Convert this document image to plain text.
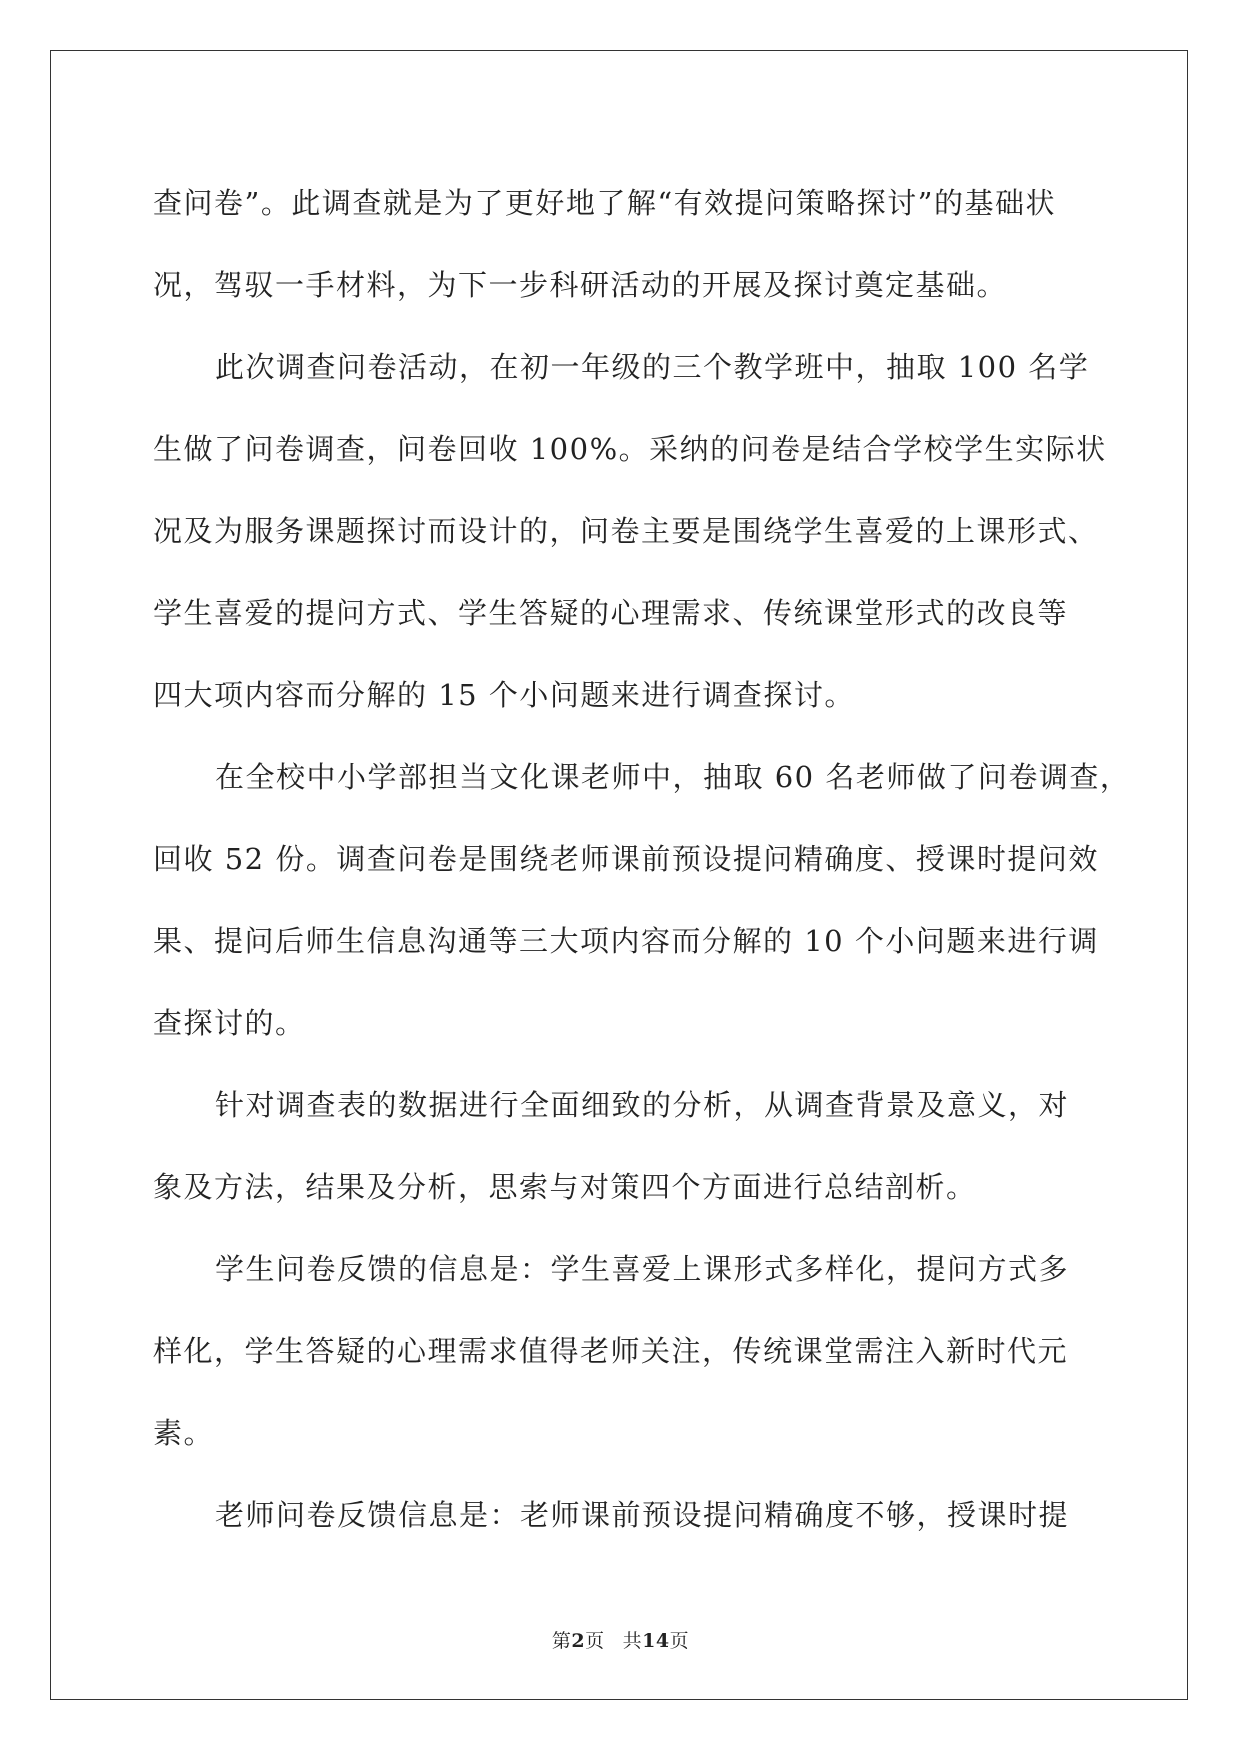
查问卷”。此调查就是为了更好地了解“有效提问策略探讨”的基础状
况，驾驭一手材料，为下一步科研活动的开展及探讨奠定基础。
此次调查问卷活动，在初一年级的三个教学班中，抽取 100 名学
生做了问卷调查，问卷回收 100%。采纳的问卷是结合学校学生实际状
况及为服务课题探讨而设计的，问卷主要是围绕学生喜爱的上课形式、
学生喜爱的提问方式、学生答疑的心理需求、传统课堂形式的改良等
四大项内容而分解的 15 个小问题来进行调查探讨。
在全校中小学部担当文化课老师中，抽取 60 名老师做了问卷调查，
回收 52 份。调查问卷是围绕老师课前预设提问精确度、授课时提问效
果、提问后师生信息沟通等三大项内容而分解的 10 个小问题来进行调
查探讨的。
针对调查表的数据进行全面细致的分析，从调查背景及意义，对
象及方法，结果及分析，思索与对策四个方面进行总结剖析。
学生问卷反馈的信息是：学生喜爱上课形式多样化，提问方式多
样化，学生答疑的心理需求值得老师关注，传统课堂需注入新时代元
素。
老师问卷反馈信息是：老师课前预设提问精确度不够，授课时提
第2页 共14页
